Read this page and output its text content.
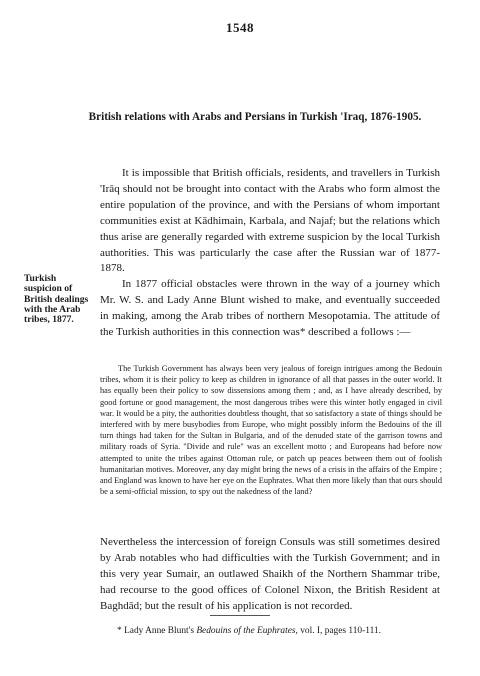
1548
British relations with Arabs and Persians in Turkish 'Iraq, 1876-1905.

It is impossible that British officials, residents, and travellers in Turkish 'Irāq should not be brought into contact with the Arabs who form almost the entire population of the province, and with the Persians of whom important communities exist at Kādhimain, Karbala, and Najaf; but the relations which thus arise are generally regarded with extreme suspicion by the local Turkish authorities. This was particularly the case after the Russian war of 1877-1878.

Turkish suspicion of British dealings with the Arab tribes, 1877.

In 1877 official obstacles were thrown in the way of a journey which Mr. W. S. and Lady Anne Blunt wished to make, and eventually succeeded in making, among the Arab tribes of northern Mesopotamia. The attitude of the Turkish authorities in this connection was* described a follows :—

The Turkish Government has always been very jealous of foreign intrigues among the Bedouin tribes, whom it is their policy to keep as children in ignorance of all that passes in the outer world. It has equally been their policy to sow dissensions among them ; and, as I have already described, by good fortune or good management, the most dangerous tribes were this winter hotly engaged in civil war. It would be a pity, the authorities doubtless thought, that so satisfactory a state of things should be interfered with by mere busybodies from Europe, who might possibly inform the Bedouins of the ill turn things had taken for the Sultan in Bulgaria, and of the denuded state of the garrison towns and military roads of Syria. "Divide and rule" was an excellent motto ; and Europeans had before now attempted to unite the tribes against Ottoman rule, or patch up peaces between them out of foolish humanitarian motives. Moreover, any day might bring the news of a crisis in the affairs of the Empire ; and England was known to have her eye on the Euphrates. What then more likely than that ours should be a semi-official mission, to spy out the nakedness of the land?

Nevertheless the intercession of foreign Consuls was still sometimes desired by Arab notables who had difficulties with the Turkish Government; and in this very year Sumair, an outlawed Shaikh of the Northern Shammar tribe, had recourse to the good offices of Colonel Nixon, the British Resident at Baghdād; but the result of his application is not recorded.

* Lady Anne Blunt's Bedouins of the Euphrates, vol. I, pages 110-111.
